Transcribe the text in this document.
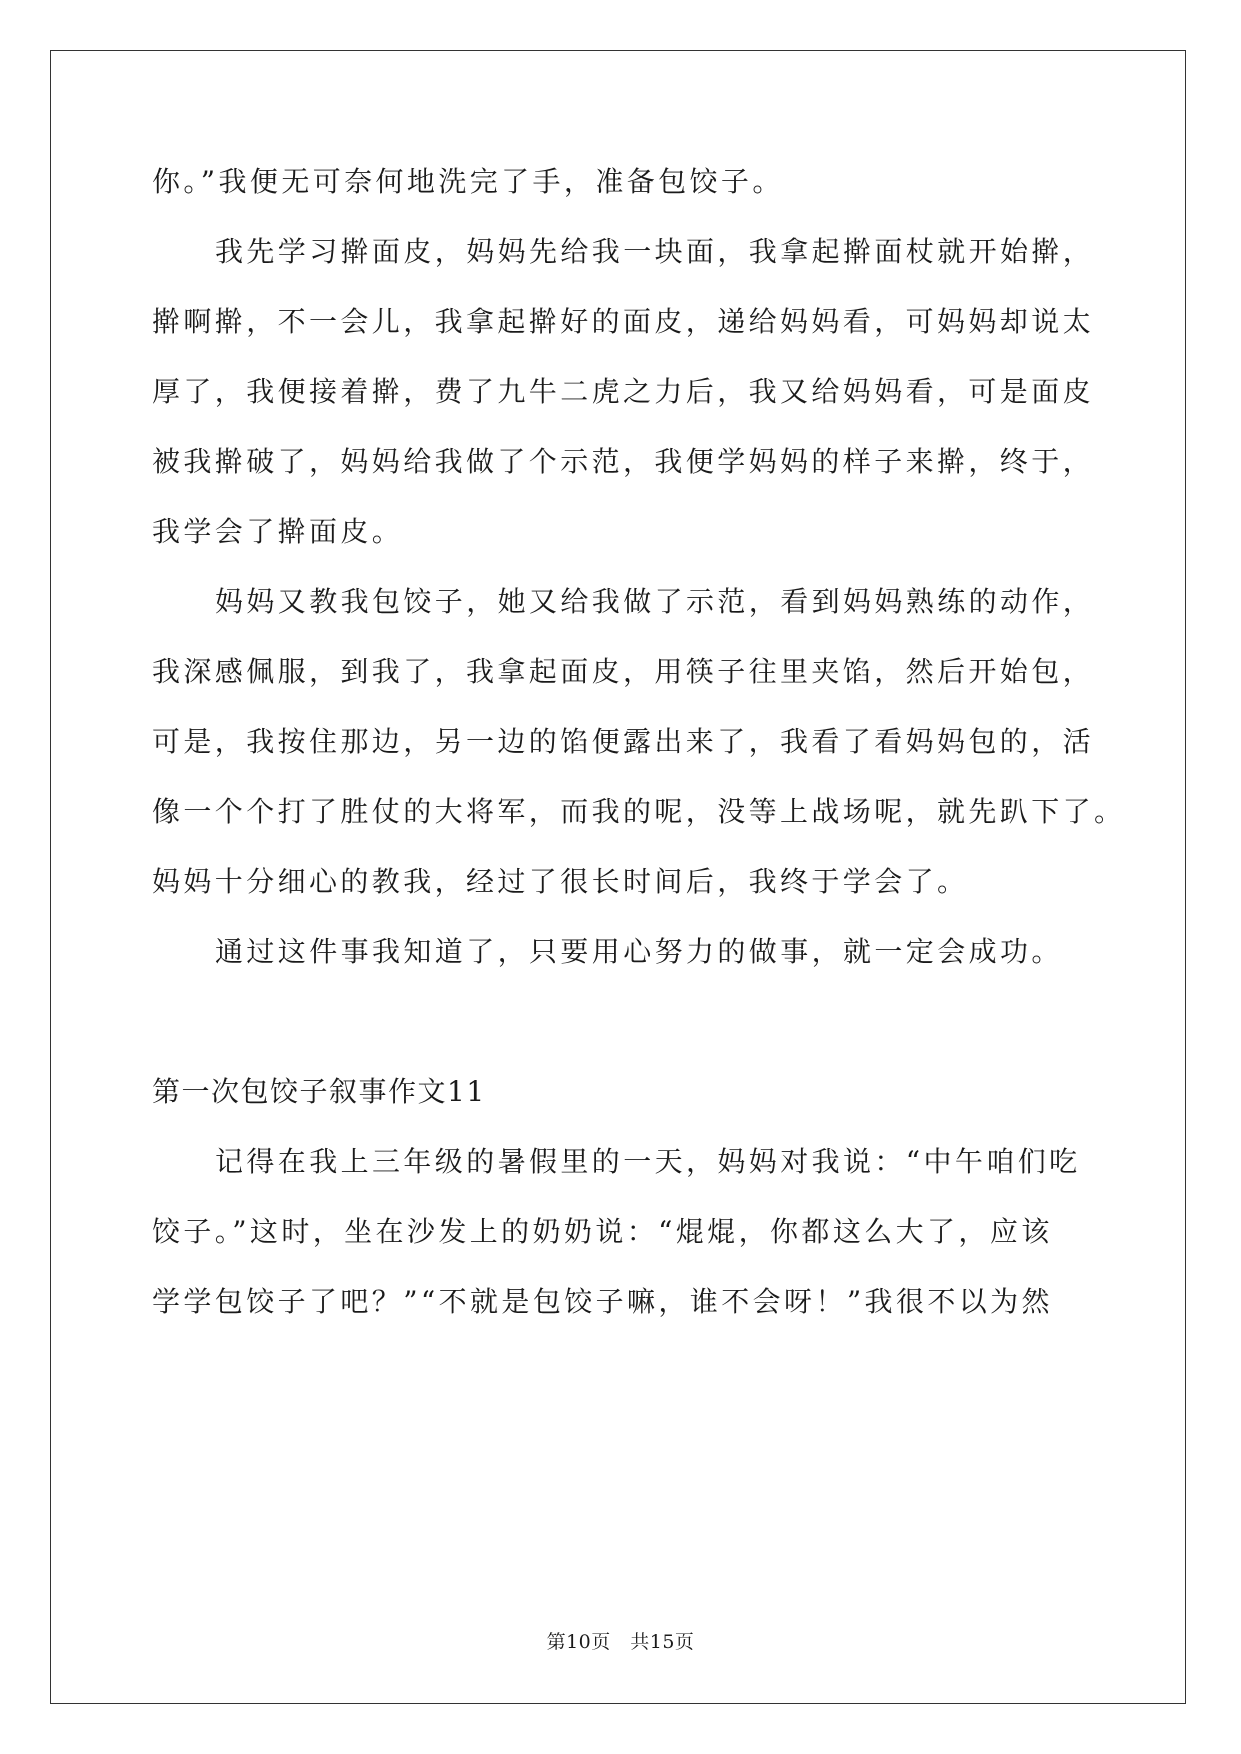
你。”我便无可奈何地洗完了手，准备包饺子。
我先学习擀面皮，妈妈先给我一块面，我拿起擀面杖就开始擀，
擀啊擀，不一会儿，我拿起擀好的面皮，递给妈妈看，可妈妈却说太
厚了，我便接着擀，费了九牛二虎之力后，我又给妈妈看，可是面皮
被我擀破了，妈妈给我做了个示范，我便学妈妈的样子来擀，终于，
我学会了擀面皮。
妈妈又教我包饺子，她又给我做了示范，看到妈妈熟练的动作，
我深感佩服，到我了，我拿起面皮，用筷子往里夹馅，然后开始包，
可是，我按住那边，另一边的馅便露出来了，我看了看妈妈包的，活
像一个个打了胜仗的大将军，而我的呢，没等上战场呢，就先趴下了。
妈妈十分细心的教我，经过了很长时间后，我终于学会了。
通过这件事我知道了，只要用心努力的做事，就一定会成功。
第一次包饺子叙事作文11
记得在我上三年级的暑假里的一天，妈妈对我说：“中午咱们吃
饺子。”这时，坐在沙发上的奶奶说：“焜焜，你都这么大了，应该
学学包饺子了吧？”“不就是包饺子嘛，谁不会呀！”我很不以为然
第10页　共15页
